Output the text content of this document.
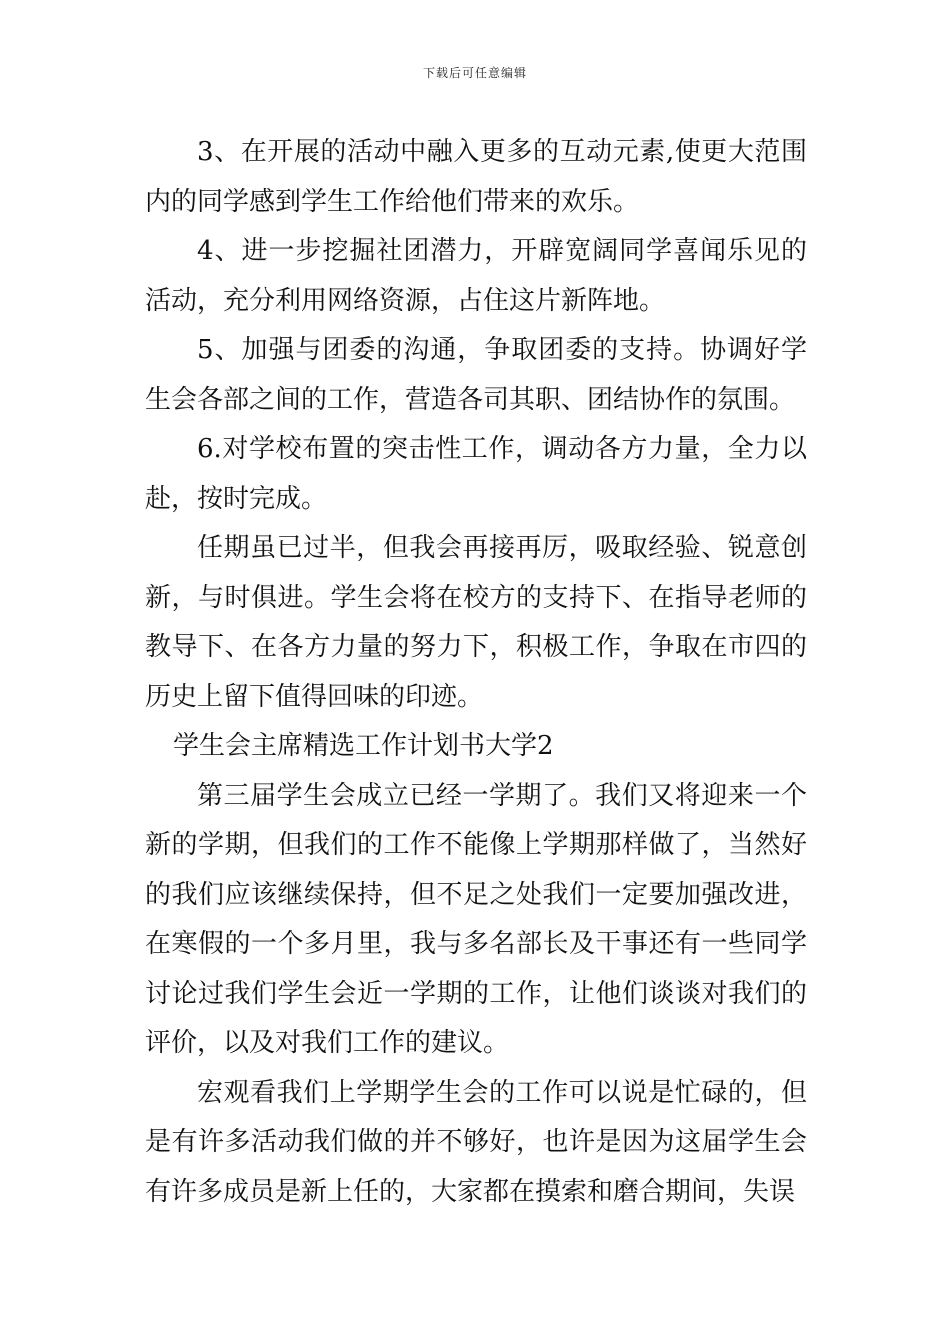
下载后可任意编辑

3、在开展的活动中融入更多的互动元素,使更大范围内的同学感到学生工作给他们带来的欢乐。

4、进一步挖掘社团潜力，开辟宽阔同学喜闻乐见的活动，充分利用网络资源，占住这片新阵地。

5、加强与团委的沟通，争取团委的支持。协调好学生会各部之间的工作，营造各司其职、团结协作的氛围。

6.对学校布置的突击性工作，调动各方力量，全力以赴，按时完成。

任期虽已过半，但我会再接再厉，吸取经验、锐意创新，与时俱进。学生会将在校方的支持下、在指导老师的教导下、在各方力量的努力下，积极工作，争取在市四的历史上留下值得回味的印迹。

学生会主席精选工作计划书大学2

第三届学生会成立已经一学期了。我们又将迎来一个新的学期，但我们的工作不能像上学期那样做了，当然好的我们应该继续保持，但不足之处我们一定要加强改进，在寒假的一个多月里，我与多名部长及干事还有一些同学讨论过我们学生会近一学期的工作，让他们谈谈对我们的评价，以及对我们工作的建议。

宏观看我们上学期学生会的工作可以说是忙碌的，但是有许多活动我们做的并不够好，也许是因为这届学生会有许多成员是新上任的，大家都在摸索和磨合期间，失误
